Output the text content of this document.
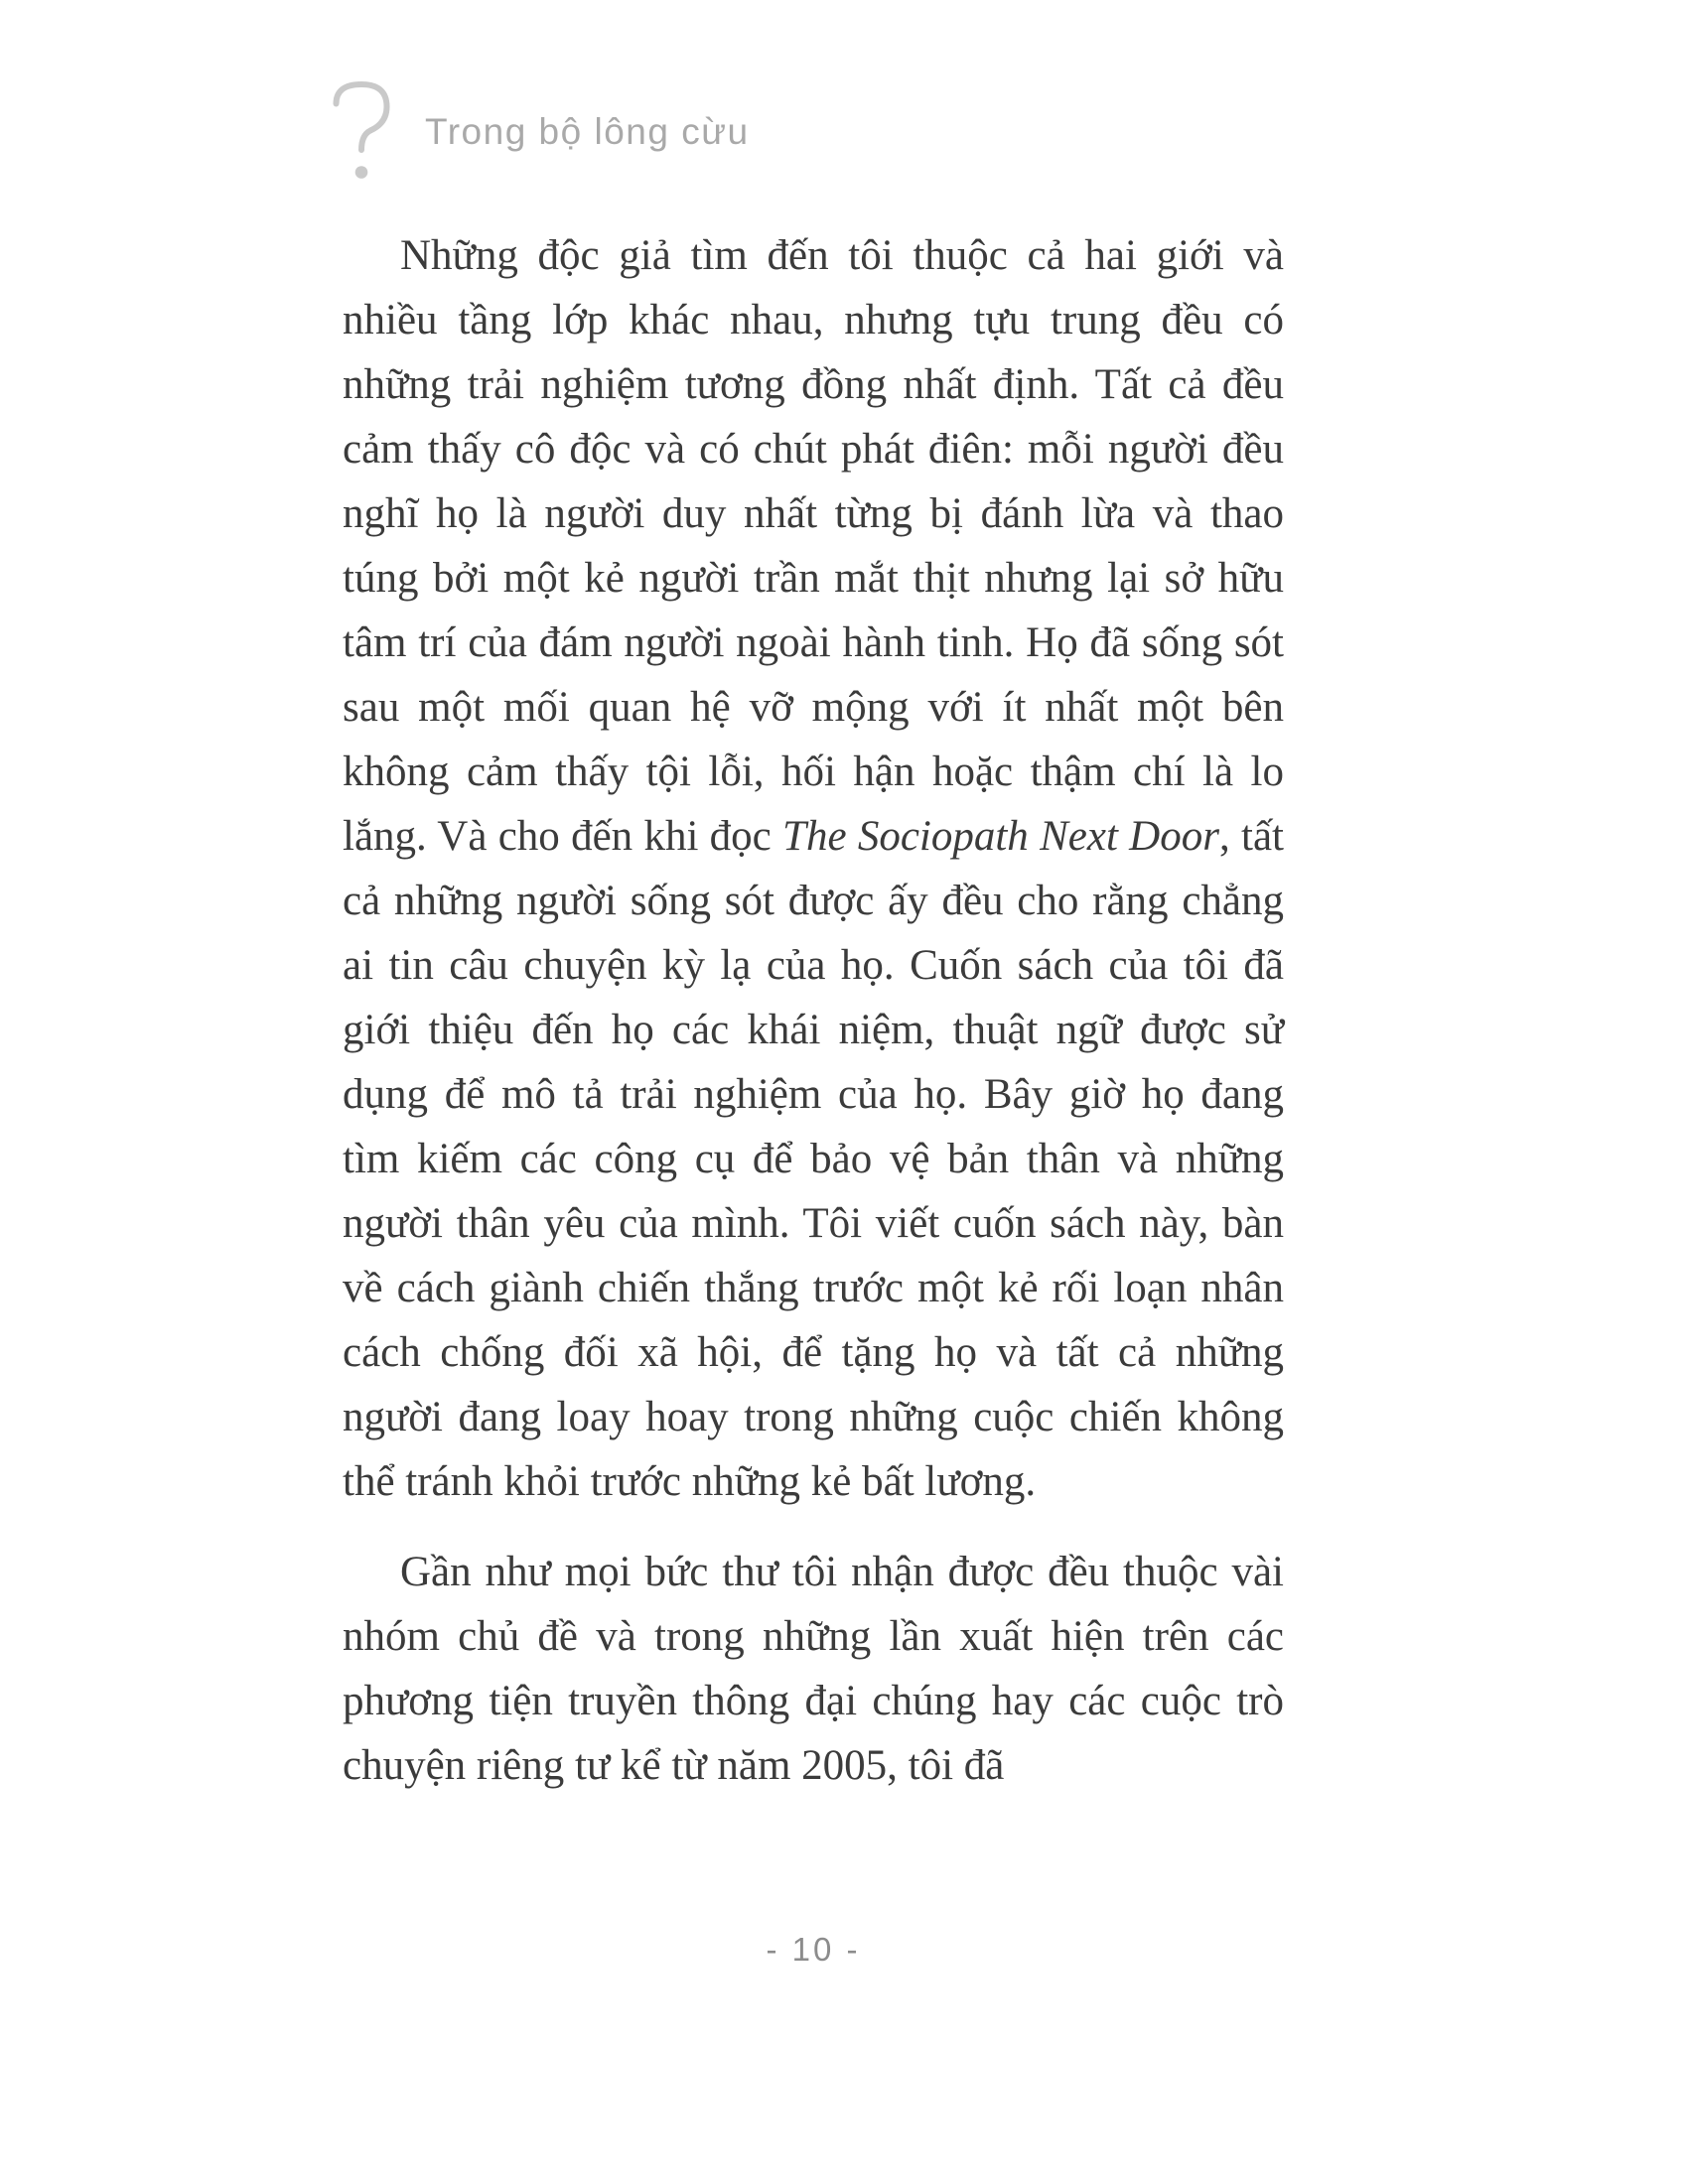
Trong bộ lông cừu

Những độc giả tìm đến tôi thuộc cả hai giới và nhiều tầng lớp khác nhau, nhưng tựu trung đều có những trải nghiệm tương đồng nhất định. Tất cả đều cảm thấy cô độc và có chút phát điên: mỗi người đều nghĩ họ là người duy nhất từng bị đánh lừa và thao túng bởi một kẻ người trần mắt thịt nhưng lại sở hữu tâm trí của đám người ngoài hành tinh. Họ đã sống sót sau một mối quan hệ vỡ mộng với ít nhất một bên không cảm thấy tội lỗi, hối hận hoặc thậm chí là lo lắng. Và cho đến khi đọc The Sociopath Next Door, tất cả những người sống sót được ấy đều cho rằng chẳng ai tin câu chuyện kỳ lạ của họ. Cuốn sách của tôi đã giới thiệu đến họ các khái niệm, thuật ngữ được sử dụng để mô tả trải nghiệm của họ. Bây giờ họ đang tìm kiếm các công cụ để bảo vệ bản thân và những người thân yêu của mình. Tôi viết cuốn sách này, bàn về cách giành chiến thắng trước một kẻ rối loạn nhân cách chống đối xã hội, để tặng họ và tất cả những người đang loay hoay trong những cuộc chiến không thể tránh khỏi trước những kẻ bất lương.

Gần như mọi bức thư tôi nhận được đều thuộc vài nhóm chủ đề và trong những lần xuất hiện trên các phương tiện truyền thông đại chúng hay các cuộc trò chuyện riêng tư kể từ năm 2005, tôi đã

- 10 -
